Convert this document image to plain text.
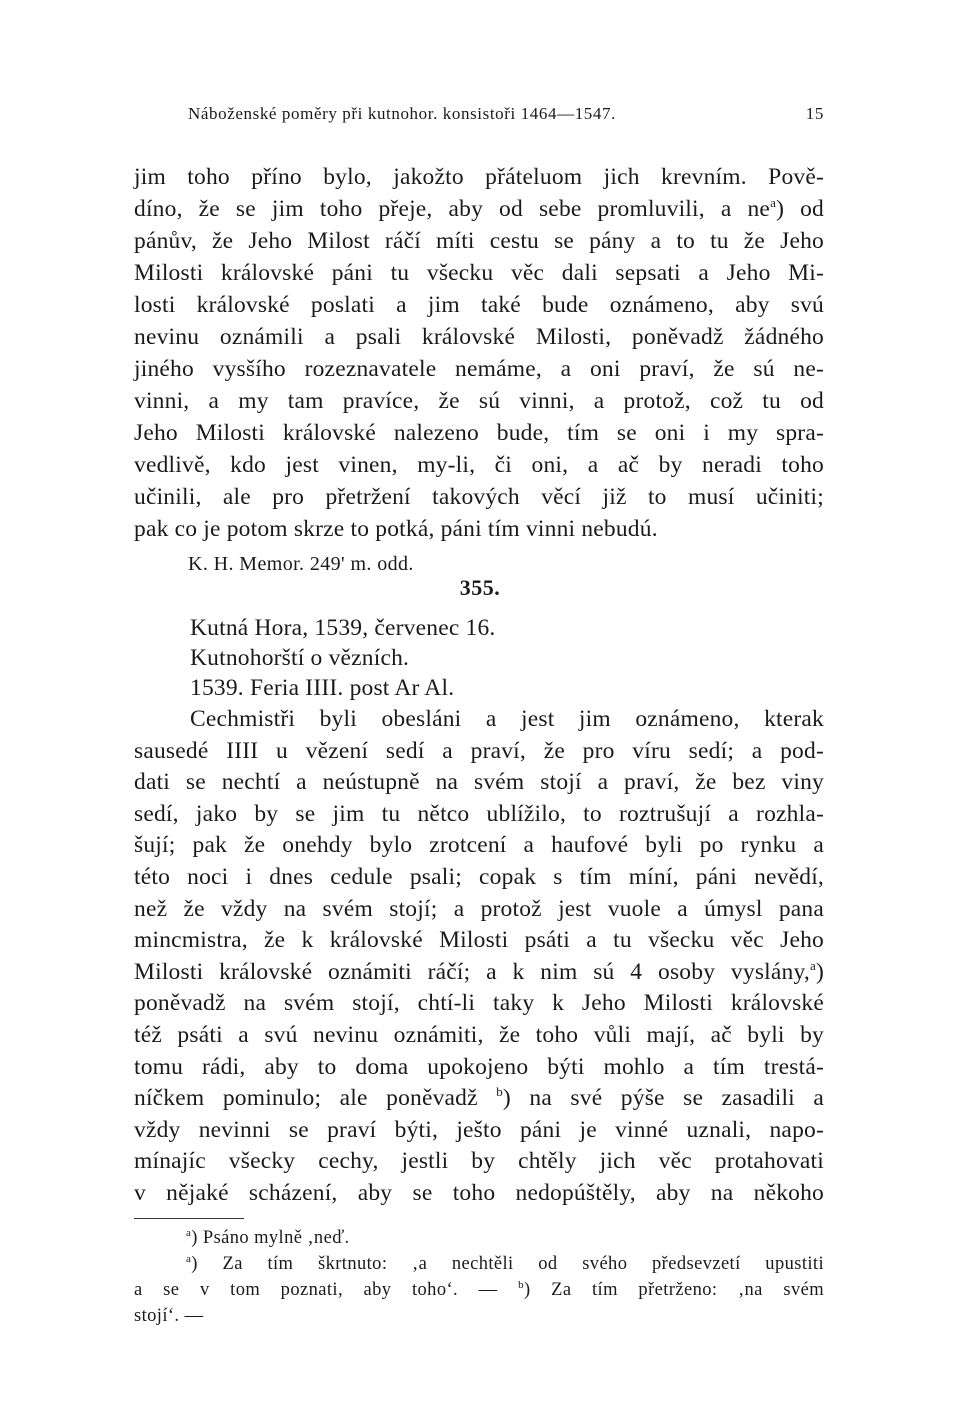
Náboženské poměry při kutnohor. konsistoři 1464—1547.	15
jim toho příno bylo, jakožto přáteluom jich krevním. Pově-
díno, že se jim toho přeje, aby od sebe promluvili, a $ne^a$) od
pánův, že Jeho Milost ráčí míti cestu se pány a to tu že Jeho
Milosti královské páni tu všecku věc dali sepsati a Jeho Mi-
losti královské poslati a jim také bude oznámeno, aby svú
nevinu oznámili a psali královské Milosti, poněvadž žádného
jiného vysšího rozeznavatele nemáme, a oni praví, že sú ne-
vinni, a my tam pravíce, že sú vinni, a protož, což tu od
Jeho Milosti královské nalezeno bude, tím se oni i my spra-
vedlivě, kdo jest vinen, my-li, či oni, a ač by neradi toho
učinili, ale pro přetržení takových věcí již to musí učiniti;
pak co je potom skrze to potká, páni tím vinni nebudú.
K. H. Memor. 249' m. odd.
355.
Kutná Hora, 1539, červenec 16.
Kutnohorští o vězních.
1539. Feria IIII. post Ar Al.
Cechmistři byli obesláni a jest jim oznámeno, kterak
sausedé IIII u vězení sedí a praví, že pro víru sedí; a pod-
dati se nechtí a neústupně na svém stojí a praví, že bez viny
sedí, jako by se jim tu nětco ublížilo, to roztrušují a rozhla-
šují; pak že onehdy bylo zrotcení a haufové byli po rynku a
této noci i dnes cedule psali; copak s tím míní, páni nevědí,
než že vždy na svém stojí; a protož jest vuole a úmysl pana
mincmistra, že k královské Milosti psáti a tu všecku věc Jeho
Milosti královské oznámiti ráčí; a k nim sú 4 osoby vyslány,$^a$)
poněvadž na svém stojí, chtí-li taky k Jeho Milosti královské
též psáti a svú nevinu oznámiti, že toho vůli mají, ač byli by
tomu rádi, aby to doma upokojeno býti mohlo a tím trestá-
níčkem pominulo; ale poněvadž $^b$) na své pýše se zasadili a
vždy nevinni se praví býti, ješto páni je vinné uznali, napo-
mínajíc všecky cechy, jestli by chtěly jich věc protahovati
v nějaké scházení, aby se toho nedopúštěly, aby na někoho
$^a$) Psáno mylně ‚neď.
$^a$) Za tím škrtnuto: ‚a nechtěli od svého předsevzetí upustiti
a se v tom poznati, aby toho‘. — $^b$) Za tím přetrženo: ‚na svém
stojí‘. —
